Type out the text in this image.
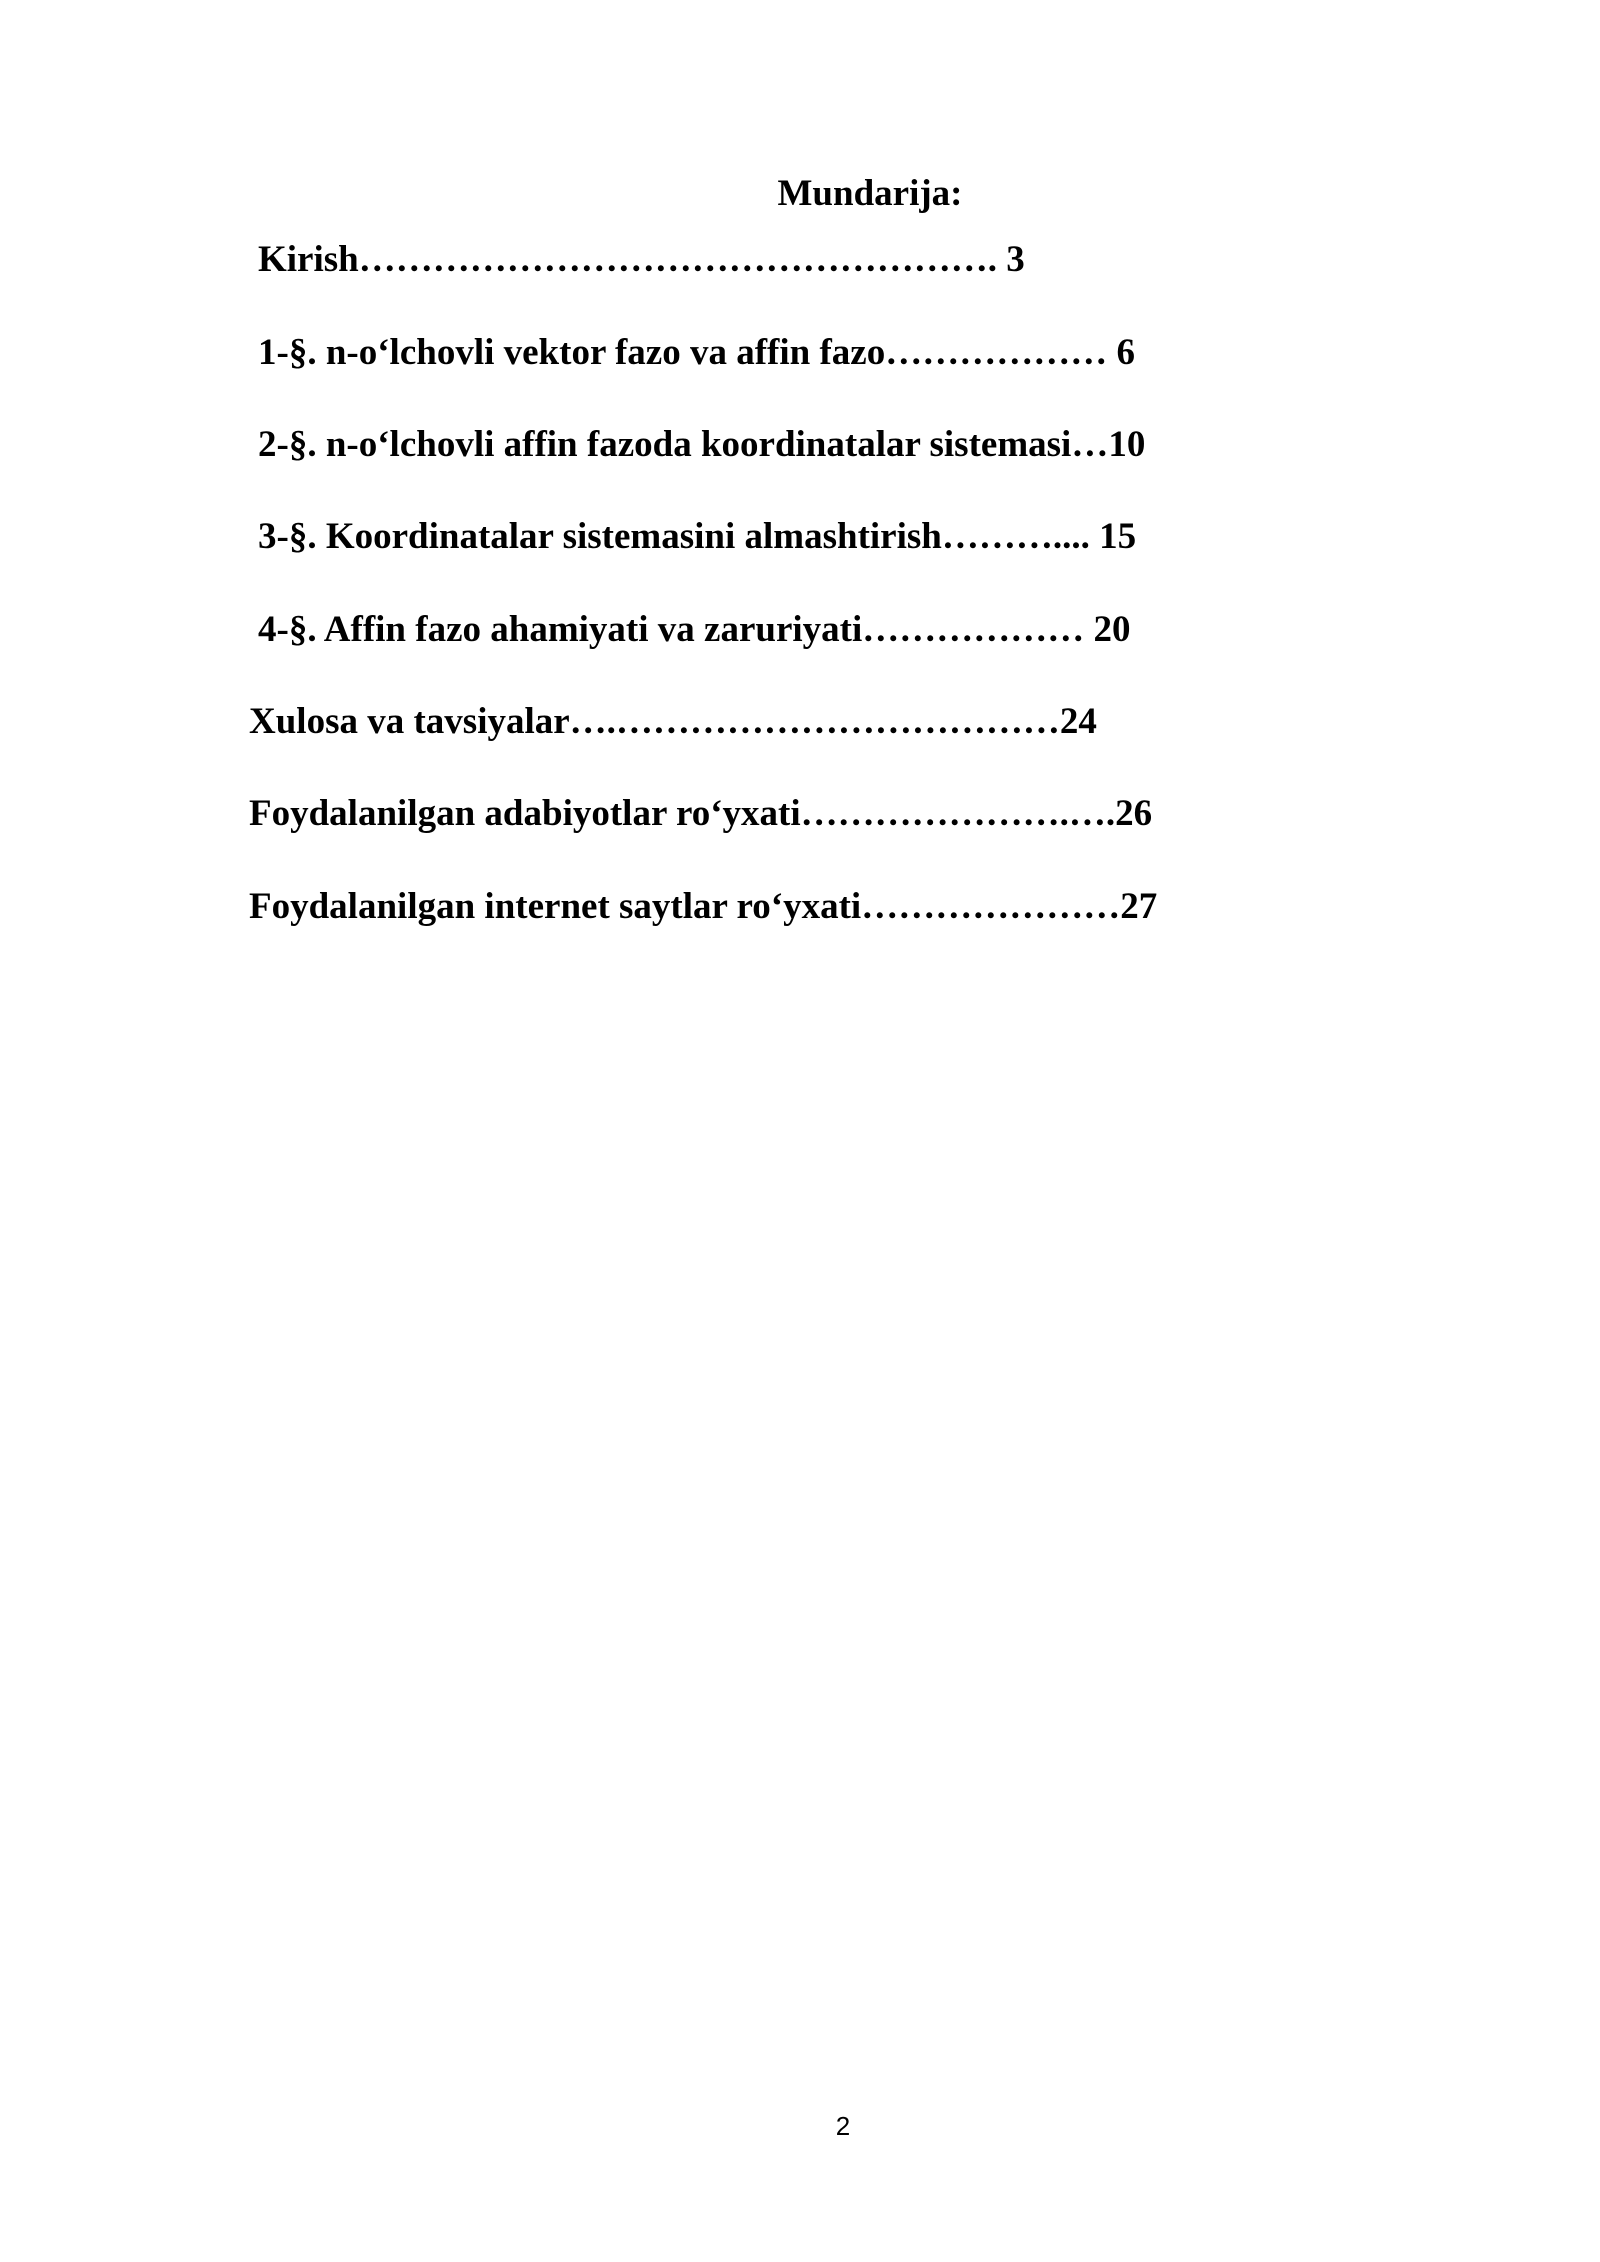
Mundarija:
Kirish……………………………………………. 3
1-§. n-o‘lchovli vektor fazo va affin fazo……………… 6
2-§. n-o‘lchovli affin fazoda koordinatalar sistemasi…10
3-§. Koordinatalar sistemasini almashtirish……….... 15
4-§. Affin fazo ahamiyati va zaruriyati……………… 20
Xulosa va tavsiyalar….………………………………24
Foydalanilgan adabiyotlar ro‘yxati………………….….26
Foydalanilgan internet saytlar ro‘yxati…………………27
2
